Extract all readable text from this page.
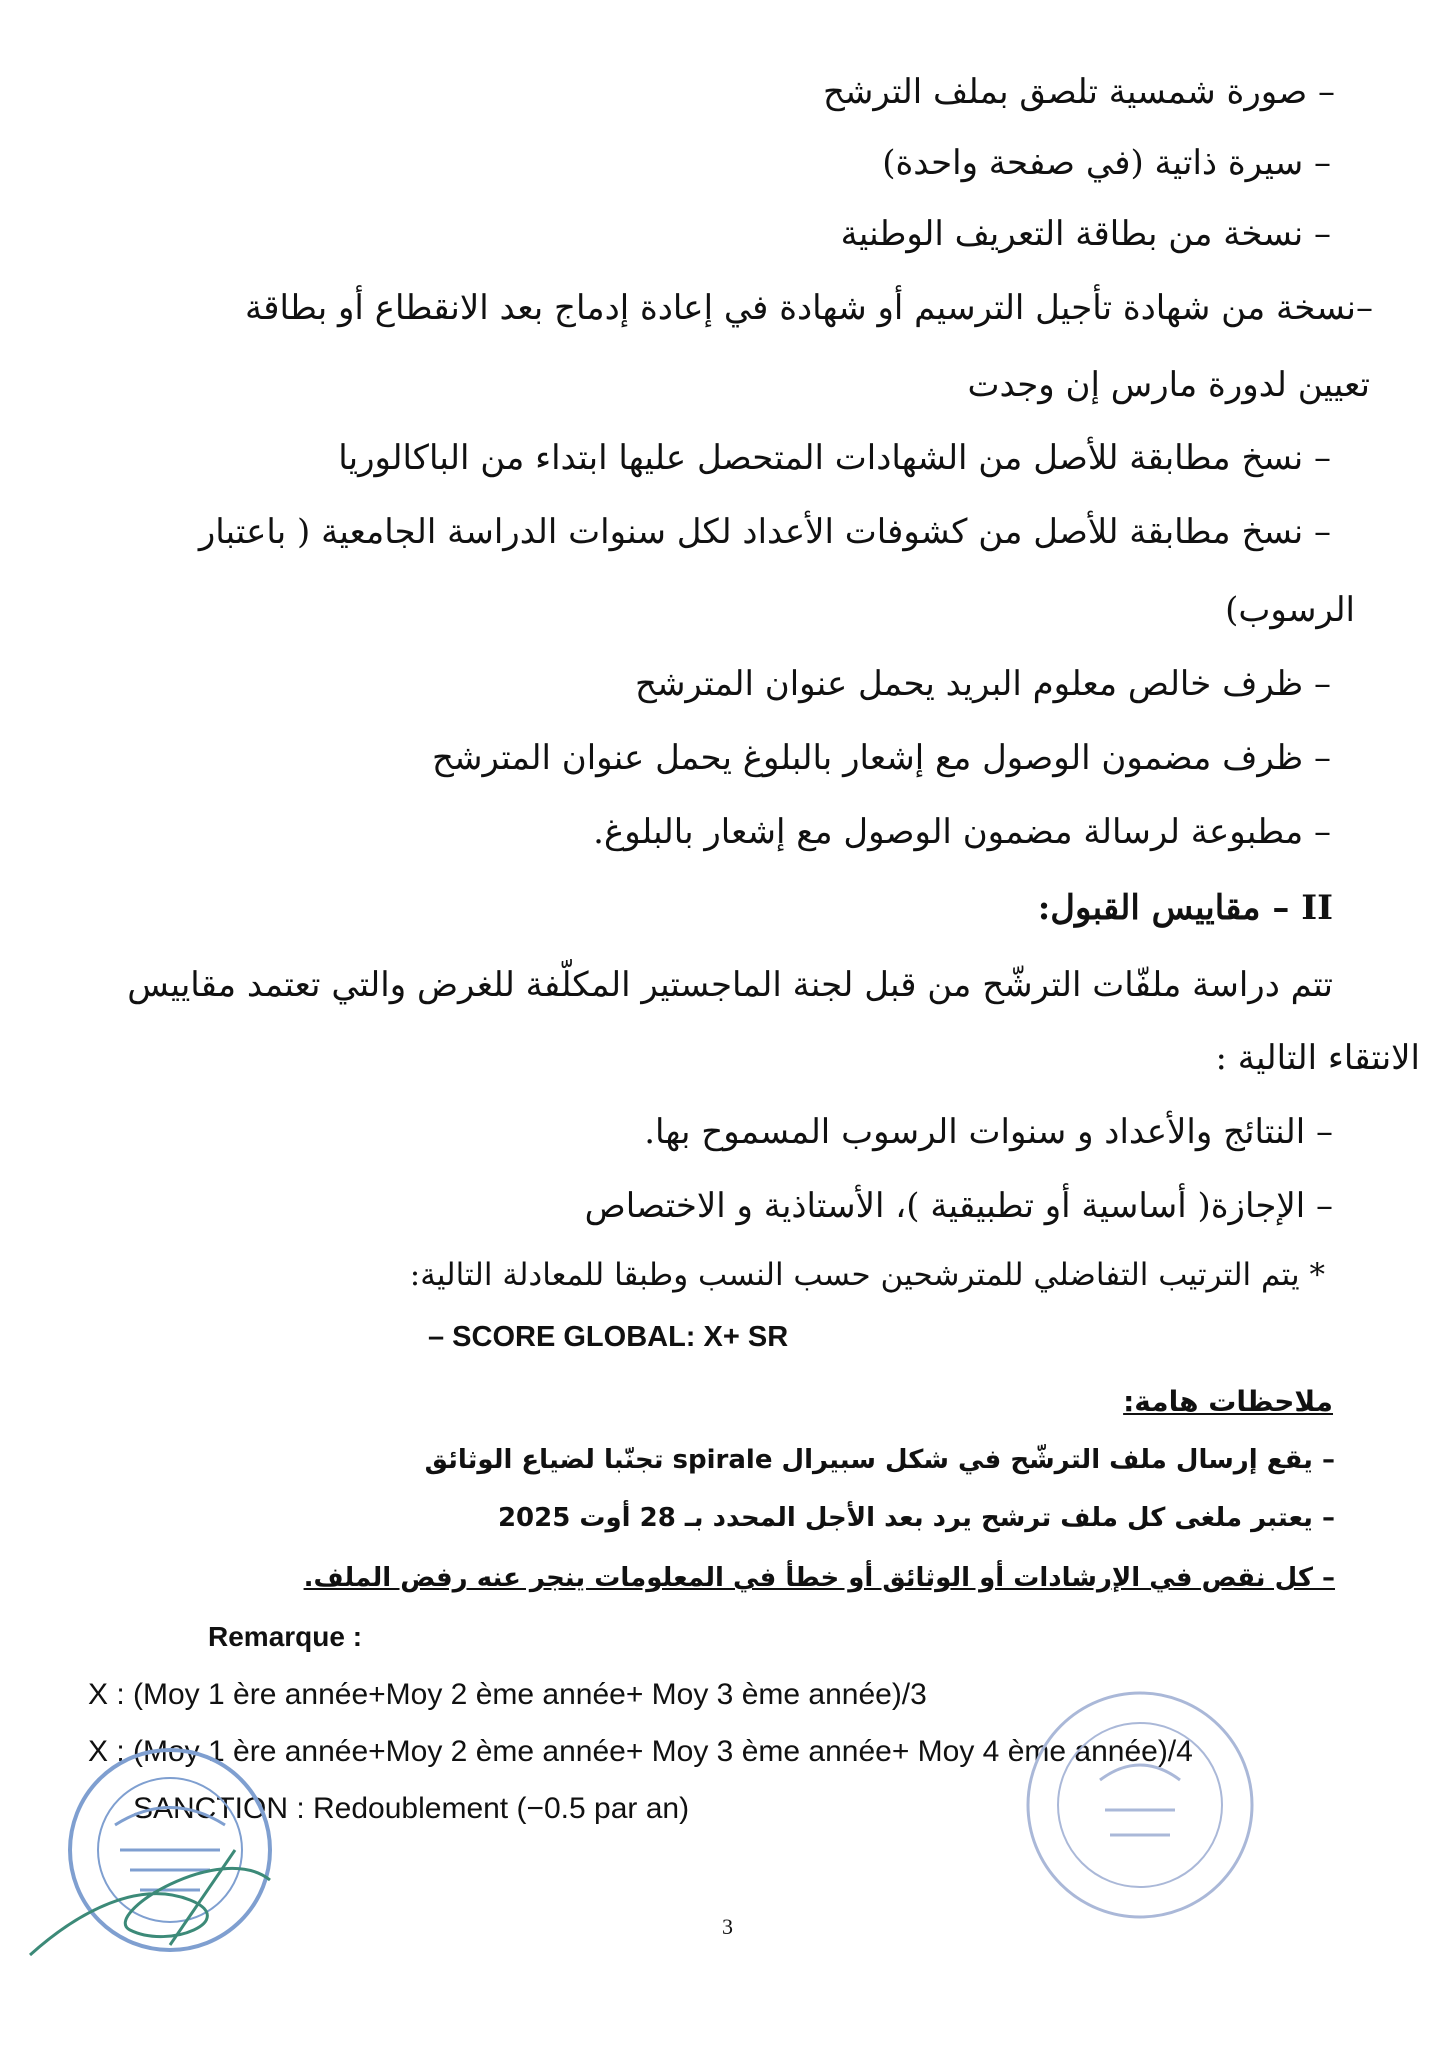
– صورة شمسية تلصق بملف الترشح
– سيرة ذاتية (في صفحة واحدة)
– نسخة من بطاقة التعريف الوطنية
–نسخة من شهادة تأجيل الترسيم أو شهادة في إعادة إدماج بعد الانقطاع أو بطاقة
تعيين لدورة مارس إن وجدت
– نسخ مطابقة للأصل من الشهادات المتحصل عليها ابتداء من الباكالوريا
– نسخ مطابقة للأصل من كشوفات الأعداد لكل سنوات الدراسة الجامعية ( باعتبار
الرسوب)
– ظرف خالص معلوم البريد يحمل عنوان المترشح
– ظرف مضمون الوصول مع إشعار بالبلوغ يحمل عنوان المترشح
– مطبوعة لرسالة مضمون الوصول مع إشعار بالبلوغ.
II – مقاييس القبول:
تتم دراسة ملفّات الترشّح من قبل لجنة الماجستير المكلّفة للغرض والتي تعتمد مقاييس
الانتقاء التالية :
– النتائج والأعداد و سنوات الرسوب المسموح بها.
– الإجازة( أساسية أو تطبيقية )، الأستاذية و الاختصاص
* يتم الترتيب التفاضلي للمترشحين حسب النسب وطبقا للمعادلة التالية:
– SCORE GLOBAL: X+ SR
ملاحظات هامة:
– يقع إرسال ملف الترشّح في شكل سبيرال spirale تجنّبا لضياع الوثائق
– يعتبر ملغى كل ملف ترشح يرد بعد الأجل المحدد بـ 28 أوت 2025
– كل نقص في الإرشادات أو الوثائق أو خطأ في المعلومات ينجر عنه رفض الملف.
Remarque :
X : (Moy 1 ère année+Moy 2 ème année+ Moy 3 ème année)/3
X : (Moy 1 ère année+Moy 2 ème année+ Moy 3 ème année+ Moy 4 ème année)/4
SANCTION : Redoublement (−0.5 par an)
3
